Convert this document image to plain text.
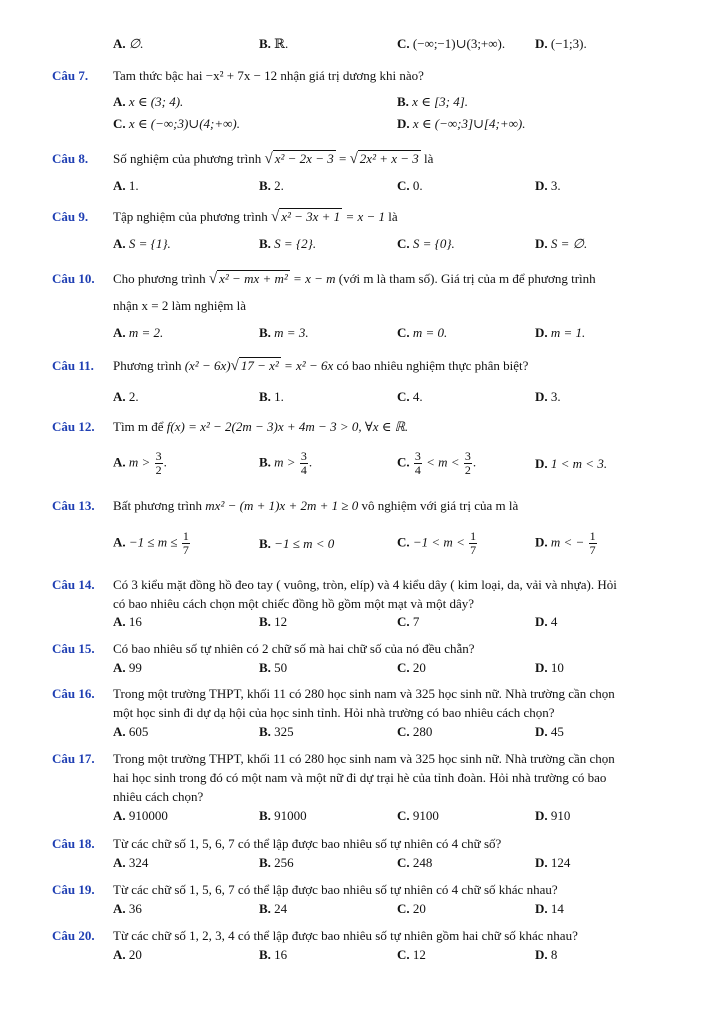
A. ∅.	B. ℝ.	C. (−∞;−1)∪(3;+∞). D. (−1;3).
Câu 7. Tam thức bậc hai −x² + 7x − 12 nhận giá trị dương khi nào?
A. x ∈ (3; 4).	B. x ∈ [3; 4].
C. x ∈ (−∞;3)∪(4;+∞).	D. x ∈ (−∞;3]∪[4;+∞).
Câu 8. Số nghiệm của phương trình √ x² − 2x − 3 = √ 2x² + x − 3 là
A. 1.	B. 2.	C. 0.	D. 3.
Câu 9. Tập nghiệm của phương trình √ x² − 3x + 1 = x − 1 là
A. S = {1}.	B. S = {2}.	C. S = {0}.	D. S = ∅.
Câu 10. Cho phương trình √ x² − mx + m² = x − m (với m là tham số). Giá trị của m để phương trình
nhận x = 2 làm nghiệm là
A. m = 2.	B. m = 3.	C. m = 0.	D. m = 1.
Câu 11. Phương trình (x² − 6x)√ 17 − x² = x² − 6x có bao nhiêu nghiệm thực phân biệt?
A. 2.	B. 1.	C. 4.	D. 3.
Câu 12. Tìm m để f(x) = x² − 2(2m − 3)x + 4m − 3 > 0, ∀x ∈ ℝ.
A. $m > \frac{3}{2}$ .	B. $m > \frac{3}{4}$ .	C. $\frac{3}{4} < m < \frac{3}{2}$ .	D. 1 < m < 3.
Câu 13. Bất phương trình mx² − (m + 1)x + 2m + 1 ≥ 0 vô nghiệm với giá trị của m là
A. $-1 \le m \le \frac{1}{7}$	B. −1 ≤ m < 0	C. $-1 < m < \frac{1}{7}$	D. m < − $\frac{1}{7}$
Câu 14. Có 3 kiểu mặt đồng hồ đeo tay ( vuông, tròn, elíp) và 4 kiểu dây ( kim loại, da, vải và nhựa). Hỏi
có bao nhiêu cách chọn một chiếc đồng hồ gồm một mạt và một dây?
A. 16	B. 12	C. 7	D. 4
Câu 15. Có bao nhiêu số tự nhiên có 2 chữ số mà hai chữ số của nó đều chẵn?
A. 99	B. 50	C. 20	D. 10
Câu 16. Trong một trường THPT, khối 11 có 280 học sinh nam và 325 học sinh nữ. Nhà trường cần chọn
một học sinh đi dự dạ hội của học sinh tỉnh. Hỏi nhà trường có bao nhiêu cách chọn?
A. 605	B. 325	C. 280	D. 45
Câu 17. Trong một trường THPT, khối 11 có 280 học sinh nam và 325 học sinh nữ. Nhà trường cần chọn
hai học sinh trong đó có một nam và một nữ đi dự trại hè của tỉnh đoàn. Hỏi nhà trường có bao
nhiêu cách chọn?
A. 910000	B. 91000	C. 9100	D. 910
Câu 18. Từ các chữ số 1, 5, 6, 7 có thể lập được bao nhiêu số tự nhiên có 4 chữ số?
A. 324	B. 256	C. 248	D. 124
Câu 19. Từ các chữ số 1, 5, 6, 7 có thể lập được bao nhiêu số tự nhiên có 4 chữ số khác nhau?
A. 36	B. 24	C. 20	D. 14
Câu 20. Từ các chữ số 1, 2, 3, 4 có thể lập được bao nhiêu số tự nhiên gồm hai chữ số khác nhau?
A. 20	B. 16	C. 12	D. 8
